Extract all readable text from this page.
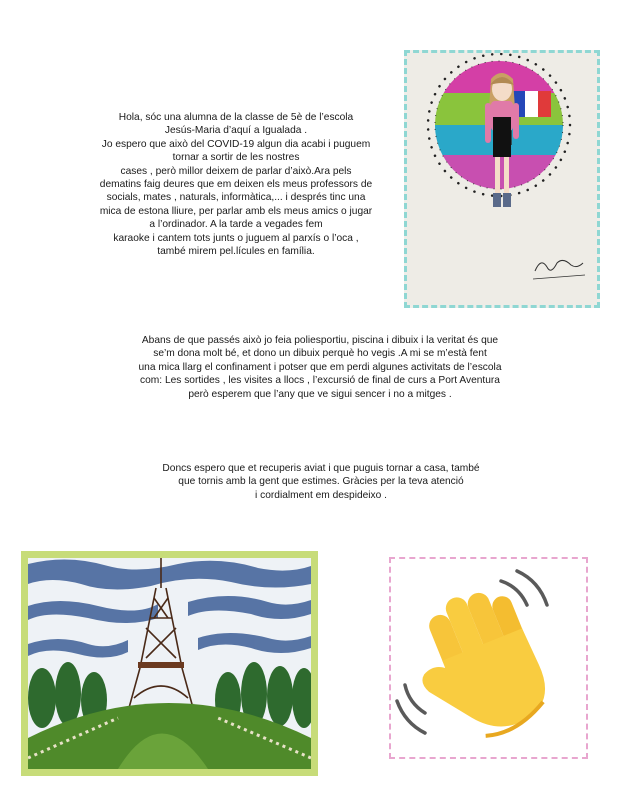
Hola, sóc una alumna de la classe de 5è de l’escola
Jesús-Maria d’aquí a Igualada .
Jo espero que això del COVID-19 algun dia acabi i puguem
tornar a sortir de les nostres
cases , però millor deixem de parlar d’això.Ara pels
dematins faig deures que em deixen els meus professors de
socials, mates , naturals, informàtica,... i després tinc una
mica de estona lliure, per parlar amb els meus amics o jugar
a l’ordinador. A la tarde a vegades fem
karaoke i cantem tots junts o juguem al parxís o l’oca ,
també mirem pel.lícules en família.

Abans de que passés això jo feia poliesportiu, piscina i dibuix i la veritat és que
se’m dona molt bé, et dono un dibuix perquè ho vegis .A mi se m’està fent
una mica llarg el confinament i potser que em perdi algunes activitats de l’escola
com: Les sortides , les visites a llocs , l’excursió de final de curs a Port Aventura
però esperem que l’any que ve sigui sencer i no a mitges .

Doncs espero que et recuperis aviat i que puguis tornar a casa, també
que tornis amb la gent que estimes. Gràcies per la teva atenció
i cordialment em despideixo .
